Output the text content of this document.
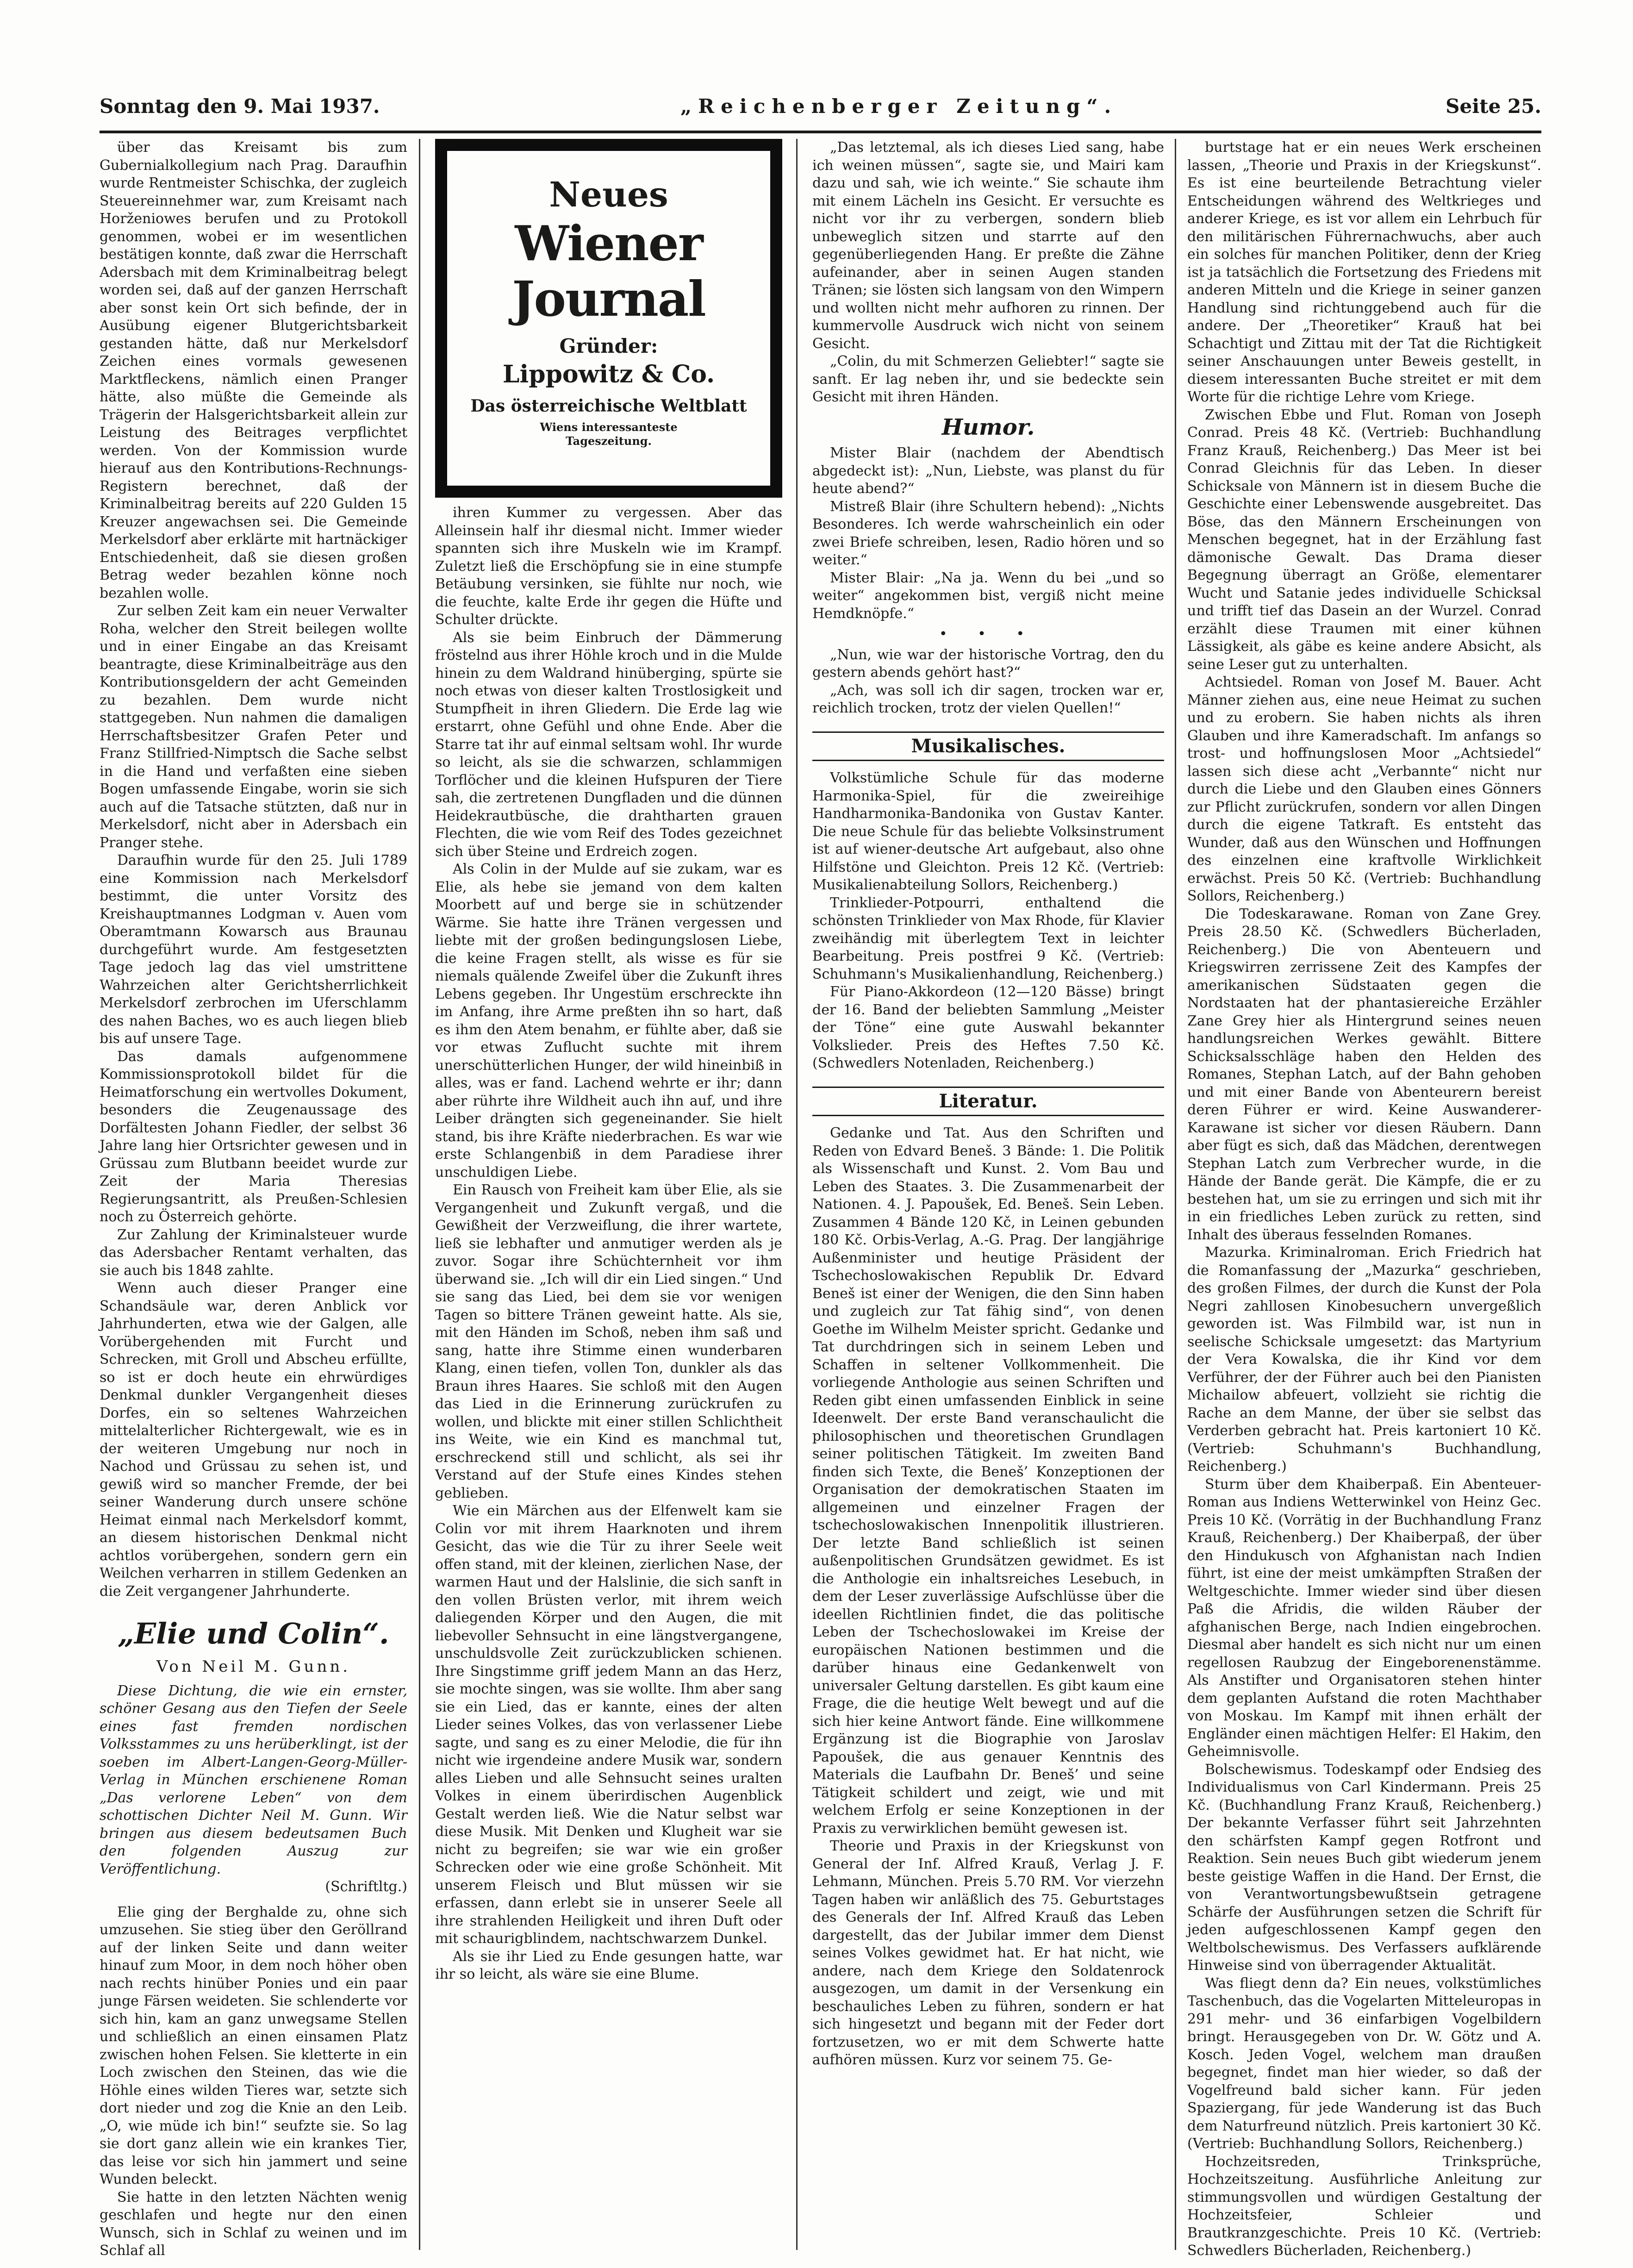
Sonntag den 9. Mai 1937.	„Reichenberger Zeitung“.	Seite 25.

über das Kreisamt bis zum Gubernialkollegium nach Prag. Daraufhin wurde Rentmeister Schischka, der zugleich Steuereinnehmer war, zum Kreisamt nach Horženiowes berufen und zu Protokoll genommen, wobei er im wesentlichen bestätigen konnte, daß zwar die Herrschaft Adersbach mit dem Kriminalbeitrag belegt worden sei, daß auf der ganzen Herrschaft aber sonst kein Ort sich befinde, der in Ausübung eigener Blutgerichtsbarkeit gestanden hätte, daß nur Merkelsdorf Zeichen eines vormals gewesenen Marktfleckens, nämlich einen Pranger hätte, also müßte die Gemeinde als Trägerin der Halsgerichtsbarkeit allein zur Leistung des Beitrages verpflichtet werden. Von der Kommission wurde hierauf aus den Kontributions-Rechnungs-Registern berechnet, daß der Kriminalbeitrag bereits auf 220 Gulden 15 Kreuzer angewachsen sei. Die Gemeinde Merkelsdorf aber erklärte mit hartnäckiger Entschiedenheit, daß sie diesen großen Betrag weder bezahlen könne noch bezahlen wolle.

Zur selben Zeit kam ein neuer Verwalter Roha, welcher den Streit beilegen wollte und in einer Eingabe an das Kreisamt beantragte, diese Kriminalbeiträge aus den Kontributionsgeldern der acht Gemeinden zu bezahlen. Dem wurde nicht stattgegeben. Nun nahmen die damaligen Herrschaftsbesitzer Grafen Peter und Franz Stillfried-Nimptsch die Sache selbst in die Hand und verfaßten eine sieben Bogen umfassende Eingabe, worin sie sich auch auf die Tatsache stützten, daß nur in Merkelsdorf, nicht aber in Adersbach ein Pranger stehe.

Daraufhin wurde für den 25. Juli 1789 eine Kommission nach Merkelsdorf bestimmt, die unter Vorsitz des Kreishauptmannes Lodgman v. Auen vom Oberamtmann Kowarsch aus Braunau durchgeführt wurde. Am festgesetzten Tage jedoch lag das viel umstrittene Wahrzeichen alter Gerichtsherrlichkeit Merkelsdorf zerbrochen im Uferschlamm des nahen Baches, wo es auch liegen blieb bis auf unsere Tage.

Das damals aufgenommene Kommissionsprotokoll bildet für die Heimatforschung ein wertvolles Dokument, besonders die Zeugenaussage des Dorfältesten Johann Fiedler, der selbst 36 Jahre lang hier Ortsrichter gewesen und in Grüssau zum Blutbann beeidet wurde zur Zeit der Maria Theresias Regierungsantritt, als Preußen-Schlesien noch zu Österreich gehörte.

Zur Zahlung der Kriminalsteuer wurde das Adersbacher Rentamt verhalten, das sie auch bis 1848 zahlte.

Wenn auch dieser Pranger eine Schandsäule war, deren Anblick vor Jahrhunderten, etwa wie der Galgen, alle Vorübergehenden mit Furcht und Schrecken, mit Groll und Abscheu erfüllte, so ist er doch heute ein ehrwürdiges Denkmal dunkler Vergangenheit dieses Dorfes, ein so seltenes Wahrzeichen mittelalterlicher Richtergewalt, wie es in der weiteren Umgebung nur noch in Nachod und Grüssau zu sehen ist, und gewiß wird so mancher Fremde, der bei seiner Wanderung durch unsere schöne Heimat einmal nach Merkelsdorf kommt, an diesem historischen Denkmal nicht achtlos vorübergehen, sondern gern ein Weilchen verharren in stillem Gedenken an die Zeit vergangener Jahrhunderte.

„Elie und Colin“.
Von Neil M. Gunn.

Diese Dichtung, die wie ein ernster, schöner Gesang aus den Tiefen der Seele eines fast fremden nordischen Volksstammes zu uns herüberklingt, ist der soeben im Albert-Langen-Georg-Müller-Verlag in München erschienene Roman „Das verlorene Leben“ von dem schottischen Dichter Neil M. Gunn. Wir bringen aus diesem bedeutsamen Buch den folgenden Auszug zur Veröffentlichung.

(Schriftltg.)

Elie ging der Berghalde zu, ohne sich umzusehen. Sie stieg über den Geröllrand auf der linken Seite und dann weiter hinauf zum Moor, in dem noch höher oben nach rechts hinüber Ponies und ein paar junge Färsen weideten. Sie schlenderte vor sich hin, kam an ganz unwegsame Stellen und schließlich an einen einsamen Platz zwischen hohen Felsen. Sie kletterte in ein Loch zwischen den Steinen, das wie die Höhle eines wilden Tieres war, setzte sich dort nieder und zog die Knie an den Leib. „O, wie müde ich bin!“ seufzte sie. So lag sie dort ganz allein wie ein krankes Tier, das leise vor sich hin jammert und seine Wunden beleckt.

Sie hatte in den letzten Nächten wenig geschlafen und hegte nur den einen Wunsch, sich in Schlaf zu weinen und im Schlaf all

Neues
Wiener Journal
Gründer:
Lippowitz & Co.
Das österreichische Weltblatt
Wiens interessanteste
Tageszeitung.

ihren Kummer zu vergessen. Aber das Alleinsein half ihr diesmal nicht. Immer wieder spannten sich ihre Muskeln wie im Krampf. Zuletzt ließ die Erschöpfung sie in eine stumpfe Betäubung versinken, sie fühlte nur noch, wie die feuchte, kalte Erde ihr gegen die Hüfte und Schulter drückte.

Als sie beim Einbruch der Dämmerung fröstelnd aus ihrer Höhle kroch und in die Mulde hinein zu dem Waldrand hinüberging, spürte sie noch etwas von dieser kalten Trostlosigkeit und Stumpfheit in ihren Gliedern. Die Erde lag wie erstarrt, ohne Gefühl und ohne Ende. Aber die Starre tat ihr auf einmal seltsam wohl. Ihr wurde so leicht, als sie die schwarzen, schlammigen Torflöcher und die kleinen Hufspuren der Tiere sah, die zertretenen Dungfladen und die dünnen Heidekrautbüsche, die drahtharten grauen Flechten, die wie vom Reif des Todes gezeichnet sich über Steine und Erdreich zogen.

Als Colin in der Mulde auf sie zukam, war es Elie, als hebe sie jemand von dem kalten Moorbett auf und berge sie in schützender Wärme. Sie hatte ihre Tränen vergessen und liebte mit der großen bedingungslosen Liebe, die keine Fragen stellt, als wisse es für sie niemals quälende Zweifel über die Zukunft ihres Lebens gegeben. Ihr Ungestüm erschreckte ihn im Anfang, ihre Arme preßten ihn so hart, daß es ihm den Atem benahm, er fühlte aber, daß sie vor etwas Zuflucht suchte mit ihrem unerschütterlichen Hunger, der wild hineinbiß in alles, was er fand. Lachend wehrte er ihr; dann aber rührte ihre Wildheit auch ihn auf, und ihre Leiber drängten sich gegeneinander. Sie hielt stand, bis ihre Kräfte niederbrachen. Es war wie erste Schlangenbiß in dem Paradiese ihrer unschuldigen Liebe.

Ein Rausch von Freiheit kam über Elie, als sie Vergangenheit und Zukunft vergaß, und die Gewißheit der Verzweiflung, die ihrer wartete, ließ sie lebhafter und anmutiger werden als je zuvor. Sogar ihre Schüchternheit vor ihm überwand sie. „Ich will dir ein Lied singen.“ Und sie sang das Lied, bei dem sie vor wenigen Tagen so bittere Tränen geweint hatte. Als sie, mit den Händen im Schoß, neben ihm saß und sang, hatte ihre Stimme einen wunderbaren Klang, einen tiefen, vollen Ton, dunkler als das Braun ihres Haares. Sie schloß mit den Augen das Lied in die Erinnerung zurückrufen zu wollen, und blickte mit einer stillen Schlichtheit ins Weite, wie ein Kind es manchmal tut, erschreckend still und schlicht, als sei ihr Verstand auf der Stufe eines Kindes stehen geblieben.

Wie ein Märchen aus der Elfenwelt kam sie Colin vor mit ihrem Haarknoten und ihrem Gesicht, das wie die Tür zu ihrer Seele weit offen stand, mit der kleinen, zierlichen Nase, der warmen Haut und der Halslinie, die sich sanft in den vollen Brüsten verlor, mit ihrem weich daliegenden Körper und den Augen, die mit liebevoller Sehnsucht in eine längstvergangene, unschuldsvolle Zeit zurückzublicken schienen. Ihre Singstimme griff jedem Mann an das Herz, sie mochte singen, was sie wollte. Ihm aber sang sie ein Lied, das er kannte, eines der alten Lieder seines Volkes, das von verlassener Liebe sagte, und sang es zu einer Melodie, die für ihn nicht wie irgendeine andere Musik war, sondern alles Lieben und alle Sehnsucht seines uralten Volkes in einem überirdischen Augenblick Gestalt werden ließ. Wie die Natur selbst war diese Musik. Mit Denken und Klugheit war sie nicht zu begreifen; sie war wie ein großer Schrecken oder wie eine große Schönheit. Mit unserem Fleisch und Blut müssen wir sie erfassen, dann erlebt sie in unserer Seele all ihre strahlenden Heiligkeit und ihren Duft oder mit schaurigblindem, nachtschwarzem Dunkel.

Als sie ihr Lied zu Ende gesungen hatte, war ihr so leicht, als wäre sie eine Blume.

„Das letztemal, als ich dieses Lied sang, habe ich weinen müssen“, sagte sie, und Mairi kam dazu und sah, wie ich weinte.“ Sie schaute ihm mit einem Lächeln ins Gesicht. Er versuchte es nicht vor ihr zu verbergen, sondern blieb unbeweglich sitzen und starrte auf den gegenüberliegenden Hang. Er preßte die Zähne aufeinander, aber in seinen Augen standen Tränen; sie lösten sich langsam von den Wimpern und wollten nicht mehr aufhoren zu rinnen. Der kummervolle Ausdruck wich nicht von seinem Gesicht.

„Colin, du mit Schmerzen Geliebter!“ sagte sie sanft. Er lag neben ihr, und sie bedeckte sein Gesicht mit ihren Händen.

Humor.

Mister Blair (nachdem der Abendtisch abgedeckt ist): „Nun, Liebste, was planst du für heute abend?“

Mistreß Blair (ihre Schultern hebend): „Nichts Besonderes. Ich werde wahrscheinlich ein oder zwei Briefe schreiben, lesen, Radio hören und so weiter.“

Mister Blair: „Na ja. Wenn du bei „und so weiter“ angekommen bist, vergiß nicht meine Hemdknöpfe.“

• • •

„Nun, wie war der historische Vortrag, den du gestern abends gehört hast?“

„Ach, was soll ich dir sagen, trocken war er, reichlich trocken, trotz der vielen Quellen!“

Musikalisches.

Volkstümliche Schule für das moderne Harmonika-Spiel, für die zweireihige Handharmonika-Bandonika von Gustav Kanter. Die neue Schule für das beliebte Volksinstrument ist auf wiener-deutsche Art aufgebaut, also ohne Hilfstöne und Gleichton. Preis 12 Kč. (Vertrieb: Musikalienabteilung Sollors, Reichenberg.)

Trinklieder-Potpourri, enthaltend die schönsten Trinklieder von Max Rhode, für Klavier zweihändig mit überlegtem Text in leichter Bearbeitung. Preis postfrei 9 Kč. (Vertrieb: Schuhmann's Musikalienhandlung, Reichenberg.)

Für Piano-Akkordeon (12—120 Bässe) bringt der 16. Band der beliebten Sammlung „Meister der Töne“ eine gute Auswahl bekannter Volkslieder. Preis des Heftes 7.50 Kč. (Schwedlers Notenladen, Reichenberg.)

Literatur.

Gedanke und Tat. Aus den Schriften und Reden von Edvard Beneš. 3 Bände: 1. Die Politik als Wissenschaft und Kunst. 2. Vom Bau und Leben des Staates. 3. Die Zusammenarbeit der Nationen. 4. J. Papoušek, Ed. Beneš. Sein Leben. Zusammen 4 Bände 120 Kč, in Leinen gebunden 180 Kč. Orbis-Verlag, A.-G. Prag. Der langjährige Außenminister und heutige Präsident der Tschechoslowakischen Republik Dr. Edvard Beneš ist einer der Wenigen, die den Sinn haben und zugleich zur Tat fähig sind“, von denen Goethe im Wilhelm Meister spricht. Gedanke und Tat durchdringen sich in seinem Leben und Schaffen in seltener Vollkommenheit. Die vorliegende Anthologie aus seinen Schriften und Reden gibt einen umfassenden Einblick in seine Ideenwelt. Der erste Band veranschaulicht die philosophischen und theoretischen Grundlagen seiner politischen Tätigkeit. Im zweiten Band finden sich Texte, die Beneš’ Konzeptionen der Organisation der demokratischen Staaten im allgemeinen und einzelner Fragen der tschechoslowakischen Innenpolitik illustrieren. Der letzte Band schließlich ist seinen außenpolitischen Grundsätzen gewidmet. Es ist die Anthologie ein inhaltsreiches Lesebuch, in dem der Leser zuverlässige Aufschlüsse über die ideellen Richtlinien findet, die das politische Leben der Tschechoslowakei im Kreise der europäischen Nationen bestimmen und die darüber hinaus eine Gedankenwelt von universaler Geltung darstellen. Es gibt kaum eine Frage, die die heutige Welt bewegt und auf die sich hier keine Antwort fände. Eine willkommene Ergänzung ist die Biographie von Jaroslav Papoušek, die aus genauer Kenntnis des Materials die Laufbahn Dr. Beneš’ und seine Tätigkeit schildert und zeigt, wie und mit welchem Erfolg er seine Konzeptionen in der Praxis zu verwirklichen bemüht gewesen ist.

Theorie und Praxis in der Kriegskunst von General der Inf. Alfred Krauß, Verlag J. F. Lehmann, München. Preis 5.70 RM. Vor vierzehn Tagen haben wir anläßlich des 75. Geburtstages des Generals der Inf. Alfred Krauß das Leben dargestellt, das der Jubilar immer dem Dienst seines Volkes gewidmet hat. Er hat nicht, wie andere, nach dem Kriege den Soldatenrock ausgezogen, um damit in der Versenkung ein beschauliches Leben zu führen, sondern er hat sich hingesetzt und begann mit der Feder dort fortzusetzen, wo er mit dem Schwerte hatte aufhören müssen. Kurz vor seinem 75. Ge-

burtstage hat er ein neues Werk erscheinen lassen, „Theorie und Praxis in der Kriegskunst“. Es ist eine beurteilende Betrachtung vieler Entscheidungen während des Weltkrieges und anderer Kriege, es ist vor allem ein Lehrbuch für den militärischen Führernachwuchs, aber auch ein solches für manchen Politiker, denn der Krieg ist ja tatsächlich die Fortsetzung des Friedens mit anderen Mitteln und die Kriege in seiner ganzen Handlung sind richtunggebend auch für die andere. Der „Theoretiker“ Krauß hat bei Schachtigt und Zittau mit der Tat die Richtigkeit seiner Anschauungen unter Beweis gestellt, in diesem interessanten Buche streitet er mit dem Worte für die richtige Lehre vom Kriege.

Zwischen Ebbe und Flut. Roman von Joseph Conrad. Preis 48 Kč. (Vertrieb: Buchhandlung Franz Krauß, Reichenberg.) Das Meer ist bei Conrad Gleichnis für das Leben. In dieser Schicksale von Männern ist in diesem Buche die Geschichte einer Lebenswende ausgebreitet. Das Böse, das den Männern Erscheinungen von Menschen begegnet, hat in der Erzählung fast dämonische Gewalt. Das Drama dieser Begegnung überragt an Größe, elementarer Wucht und Satanie jedes individuelle Schicksal und trifft tief das Dasein an der Wurzel. Conrad erzählt diese Traumen mit einer kühnen Lässigkeit, als gäbe es keine andere Absicht, als seine Leser gut zu unterhalten.

Achtsiedel. Roman von Josef M. Bauer. Acht Männer ziehen aus, eine neue Heimat zu suchen und zu erobern. Sie haben nichts als ihren Glauben und ihre Kameradschaft. Im anfangs so trost- und hoffnungslosen Moor „Achtsiedel“ lassen sich diese acht „Verbannte“ nicht nur durch die Liebe und den Glauben eines Gönners zur Pflicht zurückrufen, sondern vor allen Dingen durch die eigene Tatkraft. Es entsteht das Wunder, daß aus den Wünschen und Hoffnungen des einzelnen eine kraftvolle Wirklichkeit erwächst. Preis 50 Kč. (Vertrieb: Buchhandlung Sollors, Reichenberg.)

Die Todeskarawane. Roman von Zane Grey. Preis 28.50 Kč. (Schwedlers Bücherladen, Reichenberg.) Die von Abenteuern und Kriegswirren zerrissene Zeit des Kampfes der amerikanischen Südstaaten gegen die Nordstaaten hat der phantasiereiche Erzähler Zane Grey hier als Hintergrund seines neuen handlungsreichen Werkes gewählt. Bittere Schicksalsschläge haben den Helden des Romanes, Stephan Latch, auf der Bahn gehoben und mit einer Bande von Abenteurern bereist deren Führer er wird. Keine Auswanderer-Karawane ist sicher vor diesen Räubern. Dann aber fügt es sich, daß das Mädchen, derentwegen Stephan Latch zum Verbrecher wurde, in die Hände der Bande gerät. Die Kämpfe, die er zu bestehen hat, um sie zu erringen und sich mit ihr in ein friedliches Leben zurück zu retten, sind Inhalt des überaus fesselnden Romanes.

Mazurka. Kriminalroman. Erich Friedrich hat die Romanfassung der „Mazurka“ geschrieben, des großen Filmes, der durch die Kunst der Pola Negri zahllosen Kinobesuchern unvergeßlich geworden ist. Was Filmbild war, ist nun in seelische Schicksale umgesetzt: das Martyrium der Vera Kowalska, die ihr Kind vor dem Verführer, der der Führer auch bei den Pianisten Michailow abfeuert, vollzieht sie richtig die Rache an dem Manne, der über sie selbst das Verderben gebracht hat. Preis kartoniert 10 Kč. (Vertrieb: Schuhmann's Buchhandlung, Reichenberg.)

Sturm über dem Khaiberpaß. Ein Abenteuer-Roman aus Indiens Wetterwinkel von Heinz Gec. Preis 10 Kč. (Vorrätig in der Buchhandlung Franz Krauß, Reichenberg.) Der Khaiberpaß, der über den Hindukusch von Afghanistan nach Indien führt, ist eine der meist umkämpften Straßen der Weltgeschichte. Immer wieder sind über diesen Paß die Afridis, die wilden Räuber der afghanischen Berge, nach Indien eingebrochen. Diesmal aber handelt es sich nicht nur um einen regellosen Raubzug der Eingeborenenstämme. Als Anstifter und Organisatoren stehen hinter dem geplanten Aufstand die roten Machthaber von Moskau. Im Kampf mit ihnen erhält der Engländer einen mächtigen Helfer: El Hakim, den Geheimnisvolle.

Bolschewismus. Todeskampf oder Endsieg des Individualismus von Carl Kindermann. Preis 25 Kč. (Buchhandlung Franz Krauß, Reichenberg.) Der bekannte Verfasser führt seit Jahrzehnten den schärfsten Kampf gegen Rotfront und Reaktion. Sein neues Buch gibt wiederum jenem beste geistige Waffen in die Hand. Der Ernst, die von Verantwortungsbewußtsein getragene Schärfe der Ausführungen setzen die Schrift für jeden aufgeschlossenen Kampf gegen den Weltbolschewismus. Des Verfassers aufklärende Hinweise sind von überragender Aktualität.

Was fliegt denn da? Ein neues, volkstümliches Taschenbuch, das die Vogelarten Mitteleuropas in 291 mehr- und 36 einfarbigen Vogelbildern bringt. Herausgegeben von Dr. W. Götz und A. Kosch. Jeden Vogel, welchem man draußen begegnet, findet man hier wieder, so daß der Vogelfreund bald sicher kann. Für jeden Spaziergang, für jede Wanderung ist das Buch dem Naturfreund nützlich. Preis kartoniert 30 Kč. (Vertrieb: Buchhandlung Sollors, Reichenberg.)

Hochzeitsreden, Trinksprüche, Hochzeitszeitung. Ausführliche Anleitung zur stimmungsvollen und würdigen Gestaltung der Hochzeitsfeier, Schleier und Brautkranzgeschichte. Preis 10 Kč. (Vertrieb: Schwedlers Bücherladen, Reichenberg.)
